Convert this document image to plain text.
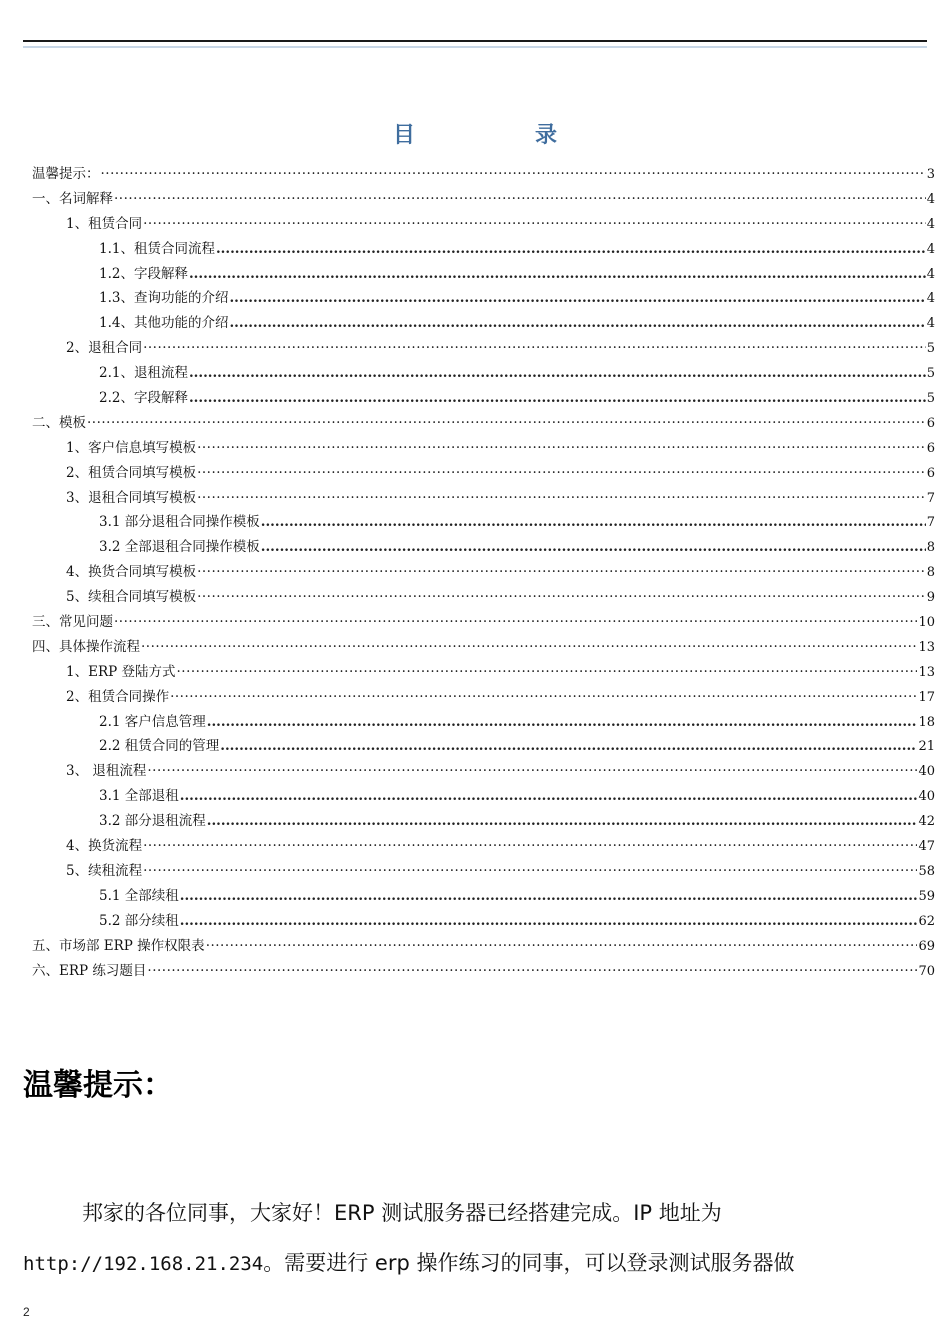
目	录
温馨提示： ·····	3
一、名词解释 ·····	4
1、租赁合同 ·····	4
1.1、租赁合同流程 .....	4
1.2、字段解释 .....	4
1.3、查询功能的介绍 .....	4
1.4、其他功能的介绍 .....	4
2、退租合同 ·····	5
2.1、退租流程 .....	5
2.2、字段解释 .....	5
二、模板 ·····	6
1、客户信息填写模板 ·····	6
2、租赁合同填写模板 ·····	6
3、退租合同填写模板 ·····	7
3.1 部分退租合同操作模板 .....	7
3.2 全部退租合同操作模板 .....	8
4、换货合同填写模板 ·····	8
5、续租合同填写模板 ·····	9
三、常见问题 ·····	10
四、具体操作流程 ·····	13
1、ERP 登陆方式 ·····	13
2、租赁合同操作 ·····	17
2.1 客户信息管理 .....	18
2.2 租赁合同的管理 .....	21
3、 退租流程 ·····	40
3.1 全部退租 .....	40
3.2 部分退租流程 .....	42
4、换货流程 ·····	47
5、续租流程 ·····	58
5.1 全部续租 .....	59
5.2 部分续租 .....	62
五、市场部 ERP 操作权限表 ·····	69
六、ERP 练习题目 ·····	70
温馨提示：
邦家的各位同事，大家好！ERP 测试服务器已经搭建完成。IP 地址为
http://192.168.21.234。需要进行 erp 操作练习的同事，可以登录测试服务器做
2
